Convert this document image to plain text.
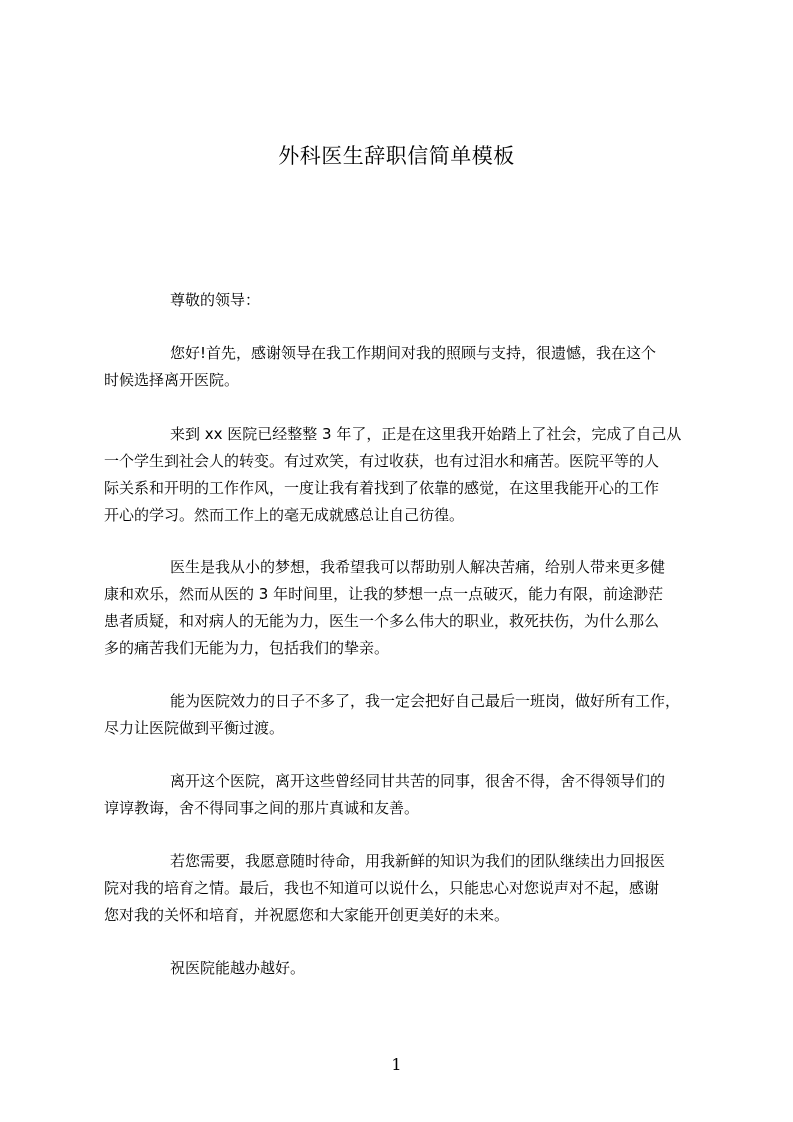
外科医生辞职信简单模板
尊敬的领导：
您好!首先，感谢领导在我工作期间对我的照顾与支持，很遗憾，我在这个
时候选择离开医院。
来到 xx 医院已经整整 3 年了，正是在这里我开始踏上了社会，完成了自己从
一个学生到社会人的转变。有过欢笑，有过收获，也有过泪水和痛苦。医院平等的人
际关系和开明的工作作风，一度让我有着找到了依靠的感觉，在这里我能开心的工作
开心的学习。然而工作上的毫无成就感总让自己彷徨。
医生是我从小的梦想，我希望我可以帮助别人解决苦痛，给别人带来更多健
康和欢乐，然而从医的 3 年时间里，让我的梦想一点一点破灭，能力有限，前途渺茫
患者质疑，和对病人的无能为力，医生一个多么伟大的职业，救死扶伤，为什么那么
多的痛苦我们无能为力，包括我们的挚亲。
能为医院效力的日子不多了，我一定会把好自己最后一班岗，做好所有工作，
尽力让医院做到平衡过渡。
离开这个医院，离开这些曾经同甘共苦的同事，很舍不得，舍不得领导们的
谆谆教诲，舍不得同事之间的那片真诚和友善。
若您需要，我愿意随时待命，用我新鲜的知识为我们的团队继续出力回报医
院对我的培育之情。最后，我也不知道可以说什么，只能忠心对您说声对不起，感谢
您对我的关怀和培育，并祝愿您和大家能开创更美好的未来。
祝医院能越办越好。
1
